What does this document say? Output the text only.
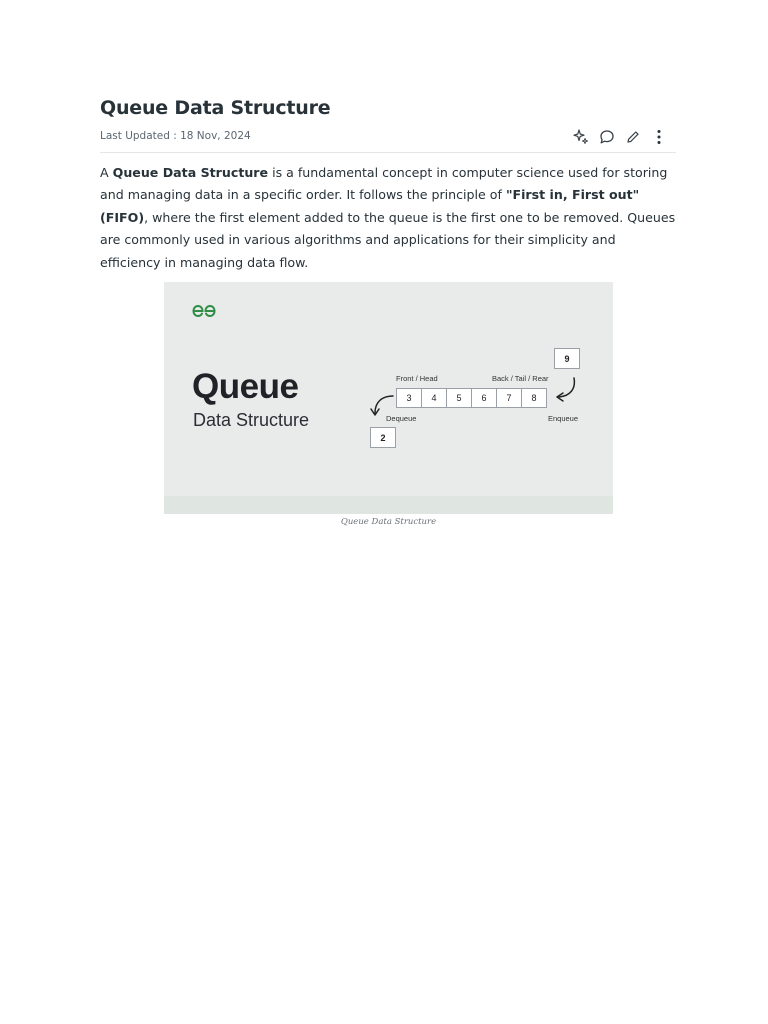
Queue Data Structure
Last Updated : 18 Nov, 2024

A Queue Data Structure is a fundamental concept in computer science used for storing and managing data in a specific order. It follows the principle of "First in, First out" (FIFO), where the first element added to the queue is the first one to be removed. Queues are commonly used in various algorithms and applications for their simplicity and efficiency in managing data flow.

Queue
Data Structure
Front / Head	Back / Tail / Rear
3	4	5	6	7	8
9
2
Dequeue	Enqueue
Queue Data Structure
